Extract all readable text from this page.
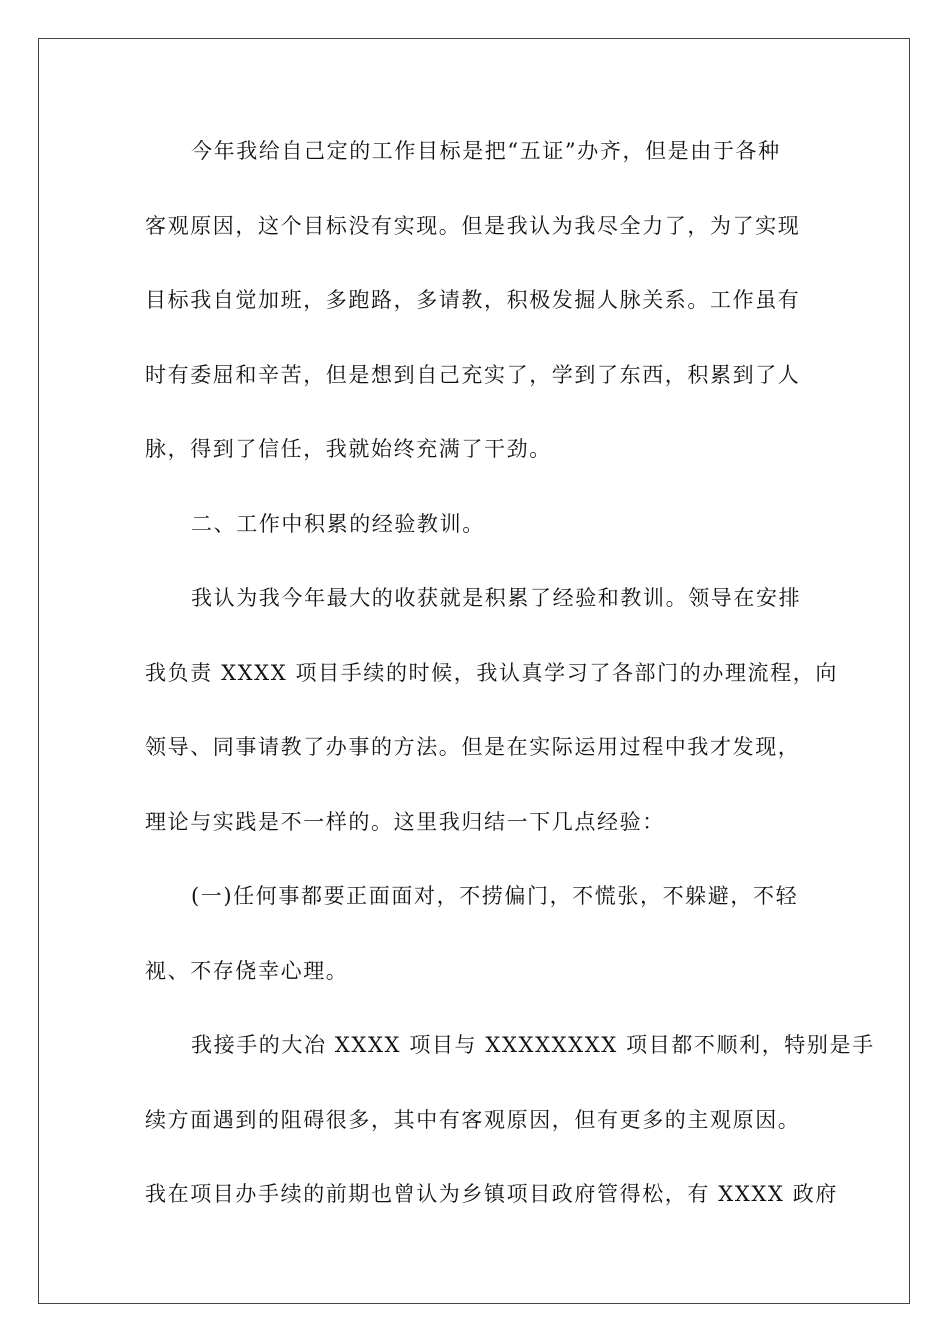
今年我给自己定的工作目标是把“五证”办齐，但是由于各种
客观原因，这个目标没有实现。但是我认为我尽全力了，为了实现
目标我自觉加班，多跑路，多请教，积极发掘人脉关系。工作虽有
时有委屈和辛苦，但是想到自己充实了，学到了东西，积累到了人
脉，得到了信任，我就始终充满了干劲。
二、工作中积累的经验教训。
我认为我今年最大的收获就是积累了经验和教训。领导在安排
我负责 XXXX 项目手续的时候，我认真学习了各部门的办理流程，向
领导、同事请教了办事的方法。但是在实际运用过程中我才发现，
理论与实践是不一样的。这里我归结一下几点经验：
(一)任何事都要正面面对，不捞偏门，不慌张，不躲避，不轻
视、不存侥幸心理。
我接手的大冶 XXXX 项目与 XXXXXXXX 项目都不顺利，特别是手
续方面遇到的阻碍很多，其中有客观原因，但有更多的主观原因。
我在项目办手续的前期也曾认为乡镇项目政府管得松，有 XXXX 政府
